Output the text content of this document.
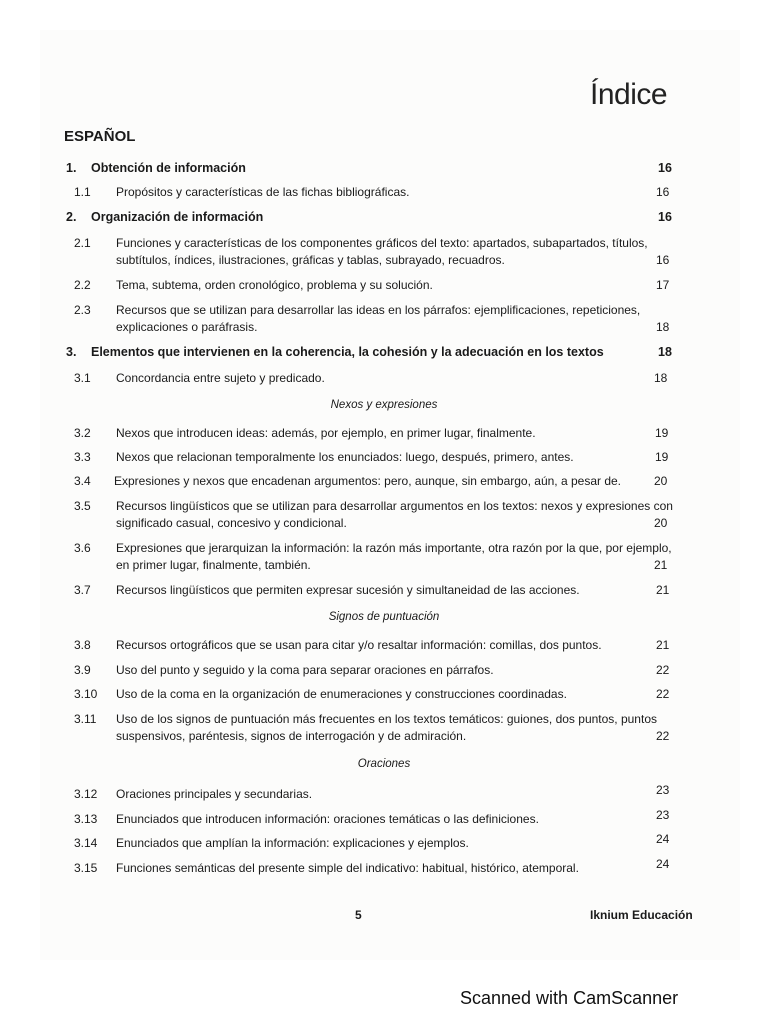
Índice
ESPAÑOL
1. Obtención de información	16
1.1 Propósitos y características de las fichas bibliográficas.	16
2. Organización de información	16
2.1 Funciones y características de los componentes gráficos del texto: apartados, subapartados, títulos,
subtítulos, índices, ilustraciones, gráficas y tablas, subrayado, recuadros.	16
2.2 Tema, subtema, orden cronológico, problema y su solución.	17
2.3 Recursos que se utilizan para desarrollar las ideas en los párrafos: ejemplificaciones, repeticiones,
explicaciones o paráfrasis.	18
3. Elementos que intervienen en la coherencia, la cohesión y la adecuación en los textos	18
3.1 Concordancia entre sujeto y predicado.	18
Nexos y expresiones
3.2 Nexos que introducen ideas: además, por ejemplo, en primer lugar, finalmente.	19
3.3 Nexos que relacionan temporalmente los enunciados: luego, después, primero, antes.	19
3.4 Expresiones y nexos que encadenan argumentos: pero, aunque, sin embargo, aún, a pesar de.	20
3.5 Recursos lingüísticos que se utilizan para desarrollar argumentos en los textos: nexos y expresiones con
significado casual, concesivo y condicional.	20
3.6 Expresiones que jerarquizan la información: la razón más importante, otra razón por la que, por ejemplo,
en primer lugar, finalmente, también.	21
3.7 Recursos lingüísticos que permiten expresar sucesión y simultaneidad de las acciones.	21
Signos de puntuación
3.8 Recursos ortográficos que se usan para citar y/o resaltar información: comillas, dos puntos.	21
3.9 Uso del punto y seguido y la coma para separar oraciones en párrafos.	22
3.10 Uso de la coma en la organización de enumeraciones y construcciones coordinadas.	22
3.11 Uso de los signos de puntuación más frecuentes en los textos temáticos: guiones, dos puntos, puntos
suspensivos, paréntesis, signos de interrogación y de admiración.	22
Oraciones
3.12 Oraciones principales y secundarias.	23
3.13 Enunciados que introducen información: oraciones temáticas o las definiciones.	23
3.14 Enunciados que amplían la información: explicaciones y ejemplos.	24
3.15 Funciones semánticas del presente simple del indicativo: habitual, histórico, atemporal.	24
5	Iknium Educación
Scanned with CamScanner
